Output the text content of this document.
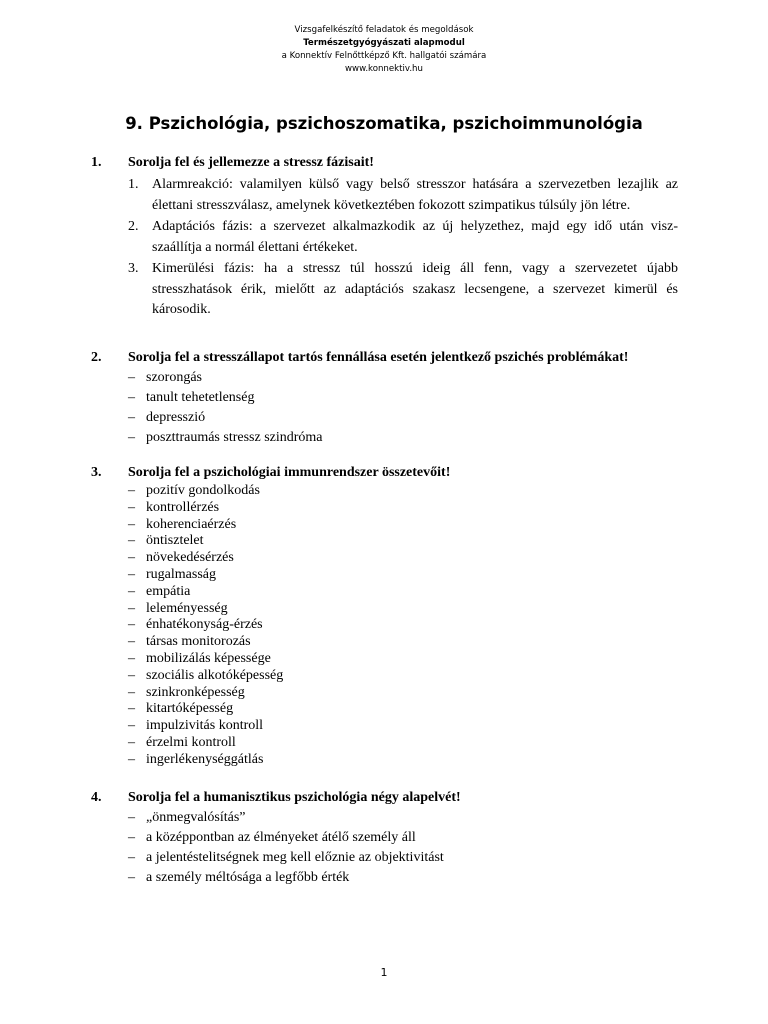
Vizsgafelkészítő feladatok és megoldások
Természetgyógyászati alapmodul
a Konnektív Felnőttképző Kft. hallgatói számára
www.konnektiv.hu
9. Pszichológia, pszichoszomatika, pszichoimmunológia
1. Sorolja fel és jellemezze a stressz fázisait!
1. Alarmreakció: valamilyen külső vagy belső stresszor hatására a szervezetben lezajlik az élettani stresszválasz, amelynek következtében fokozott szimpatikus túlsúly jön létre.
2. Adaptációs fázis: a szervezet alkalmazkodik az új helyzethez, majd egy idő után visz-szaállítja a normál élettani értékeket.
3. Kimerülési fázis: ha a stressz túl hosszú ideig áll fenn, vagy a szervezetet újabb stresszhatások érik, mielőtt az adaptációs szakasz lecsengene, a szervezet kimerül és károsodik.
2. Sorolja fel a stresszállapot tartós fennállása esetén jelentkező pszichés problémákat!
– szorongás
– tanult tehetetlenség
– depresszió
– poszttraumás stressz szindróma
3. Sorolja fel a pszichológiai immunrendszer összetevőit!
– pozitív gondolkodás
– kontrollérzés
– koherenciaérzés
– öntisztelet
– növekedésérzés
– rugalmasság
– empátia
– leleményesség
– énhatékonyság-érzés
– társas monitorozás
– mobilizálás képessége
– szociális alkotóképesség
– szinkronképesség
– kitartóképesség
– impulzivitás kontroll
– érzelmi kontroll
– ingerlékenységgátlás
4. Sorolja fel a humanisztikus pszichológia négy alapelvét!
– „önmegvalósítás”
– a középpontban az élményeket átélő személy áll
– a jelentéstelitségnek meg kell előznie az objektivitást
– a személy méltósága a legfőbb érték
1
